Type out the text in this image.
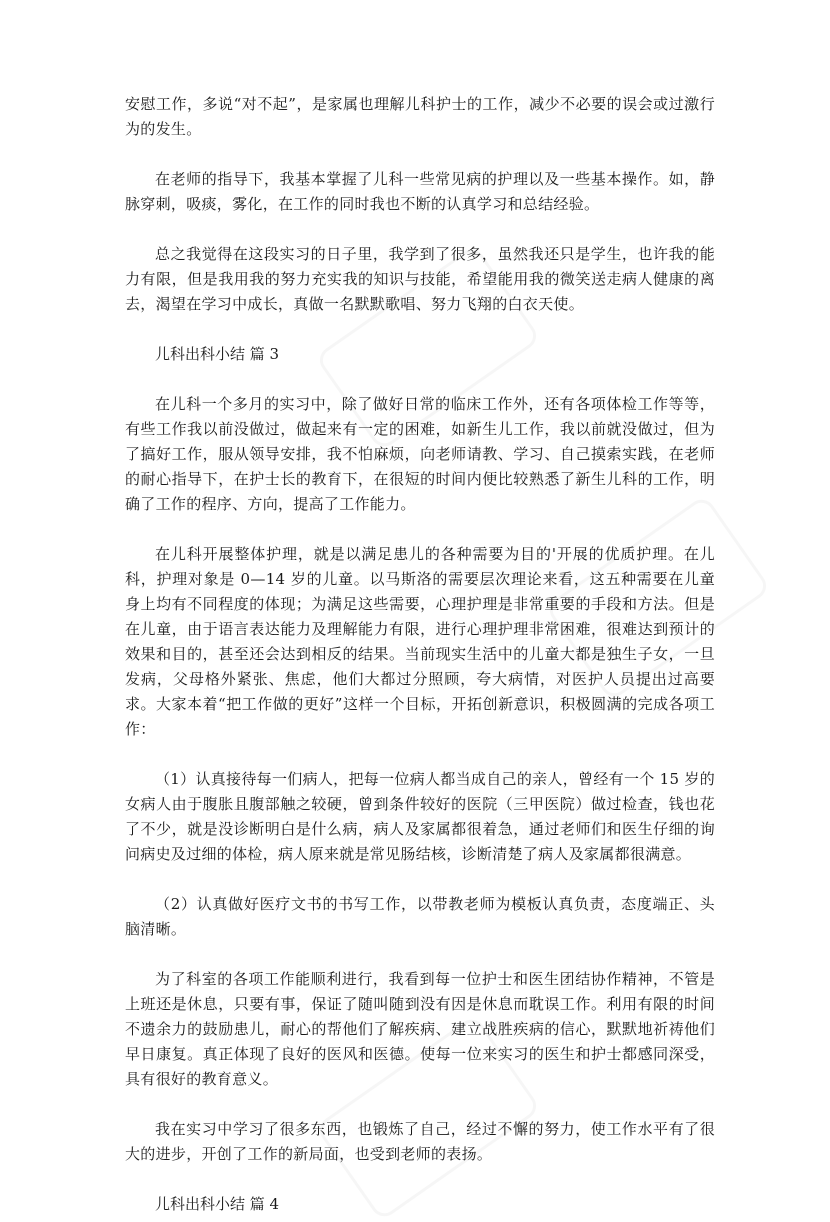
安慰工作，多说“对不起”，是家属也理解儿科护士的工作，减少不必要的误会或过激行为的发生。

在老师的指导下，我基本掌握了儿科一些常见病的护理以及一些基本操作。如，静脉穿刺，吸痰，雾化，在工作的同时我也不断的认真学习和总结经验。

总之我觉得在这段实习的日子里，我学到了很多，虽然我还只是学生，也许我的能力有限，但是我用我的努力充实我的知识与技能，希望能用我的微笑送走病人健康的离去，渴望在学习中成长，真做一名默默歌唱、努力飞翔的白衣天使。

儿科出科小结 篇 3

在儿科一个多月的实习中，除了做好日常的临床工作外，还有各项体检工作等等，有些工作我以前没做过，做起来有一定的困难，如新生儿工作，我以前就没做过，但为了搞好工作，服从领导安排，我不怕麻烦，向老师请教、学习、自己摸索实践，在老师的耐心指导下，在护士长的教育下，在很短的时间内便比较熟悉了新生儿科的工作，明确了工作的程序、方向，提高了工作能力。

在儿科开展整体护理，就是以满足患儿的各种需要为目的'开展的优质护理。在儿科，护理对象是 0—14 岁的儿童。以马斯洛的需要层次理论来看，这五种需要在儿童身上均有不同程度的体现；为满足这些需要，心理护理是非常重要的手段和方法。但是在儿童，由于语言表达能力及理解能力有限，进行心理护理非常困难，很难达到预计的效果和目的，甚至还会达到相反的结果。当前现实生活中的儿童大都是独生子女，一旦发病，父母格外紧张、焦虑，他们大都过分照顾，夸大病情，对医护人员提出过高要求。大家本着“把工作做的更好”这样一个目标，开拓创新意识，积极圆满的完成各项工作：

（1）认真接待每一们病人，把每一位病人都当成自己的亲人，曾经有一个 15 岁的女病人由于腹胀且腹部触之较硬，曾到条件较好的医院（三甲医院）做过检查，钱也花了不少，就是没诊断明白是什么病，病人及家属都很着急，通过老师们和医生仔细的询问病史及过细的体检，病人原来就是常见肠结核，诊断清楚了病人及家属都很满意。

（2）认真做好医疗文书的书写工作，以带教老师为模板认真负责，态度端正、头脑清晰。

为了科室的各项工作能顺利进行，我看到每一位护士和医生团结协作精神，不管是上班还是休息，只要有事，保证了随叫随到没有因是休息而耽误工作。利用有限的时间不遗余力的鼓励患儿，耐心的帮他们了解疾病、建立战胜疾病的信心，默默地祈祷他们早日康复。真正体现了良好的医风和医德。使每一位来实习的医生和护士都感同深受，具有很好的教育意义。

我在实习中学习了很多东西，也锻炼了自己，经过不懈的努力，使工作水平有了很大的进步，开创了工作的新局面，也受到老师的表扬。

儿科出科小结 篇 4
